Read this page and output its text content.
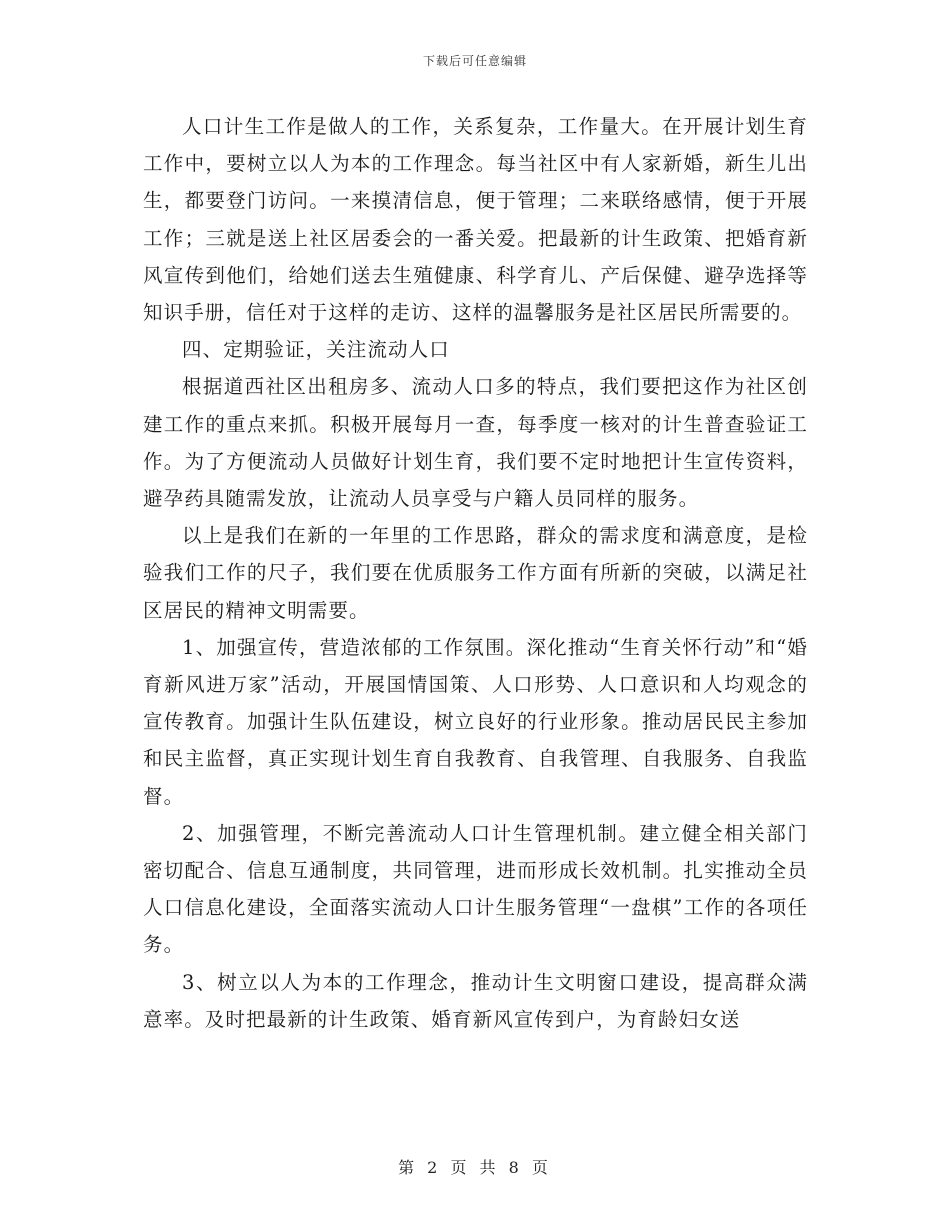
下载后可任意编辑

人口计生工作是做人的工作，关系复杂，工作量大。在开展计划生育工作中，要树立以人为本的工作理念。每当社区中有人家新婚，新生儿出生，都要登门访问。一来摸清信息，便于管理；二来联络感情，便于开展工作；三就是送上社区居委会的一番关爱。把最新的计生政策、把婚育新风宣传到他们，给她们送去生殖健康、科学育儿、产后保健、避孕选择等知识手册，信任对于这样的走访、这样的温馨服务是社区居民所需要的。

四、定期验证，关注流动人口

根据道西社区出租房多、流动人口多的特点，我们要把这作为社区创建工作的重点来抓。积极开展每月一查，每季度一核对的计生普查验证工作。为了方便流动人员做好计划生育，我们要不定时地把计生宣传资料，避孕药具随需发放，让流动人员享受与户籍人员同样的服务。

以上是我们在新的一年里的工作思路，群众的需求度和满意度，是检验我们工作的尺子，我们要在优质服务工作方面有所新的突破，以满足社区居民的精神文明需要。

1、加强宣传，营造浓郁的工作氛围。深化推动“生育关怀行动”和“婚育新风进万家”活动，开展国情国策、人口形势、人口意识和人均观念的宣传教育。加强计生队伍建设，树立良好的行业形象。推动居民民主参加和民主监督，真正实现计划生育自我教育、自我管理、自我服务、自我监督。

2、加强管理，不断完善流动人口计生管理机制。建立健全相关部门密切配合、信息互通制度，共同管理，进而形成长效机制。扎实推动全员人口信息化建设，全面落实流动人口计生服务管理“一盘棋”工作的各项任务。

3、树立以人为本的工作理念，推动计生文明窗口建设，提高群众满意率。及时把最新的计生政策、婚育新风宣传到户，为育龄妇女送

第 2 页 共 8 页
